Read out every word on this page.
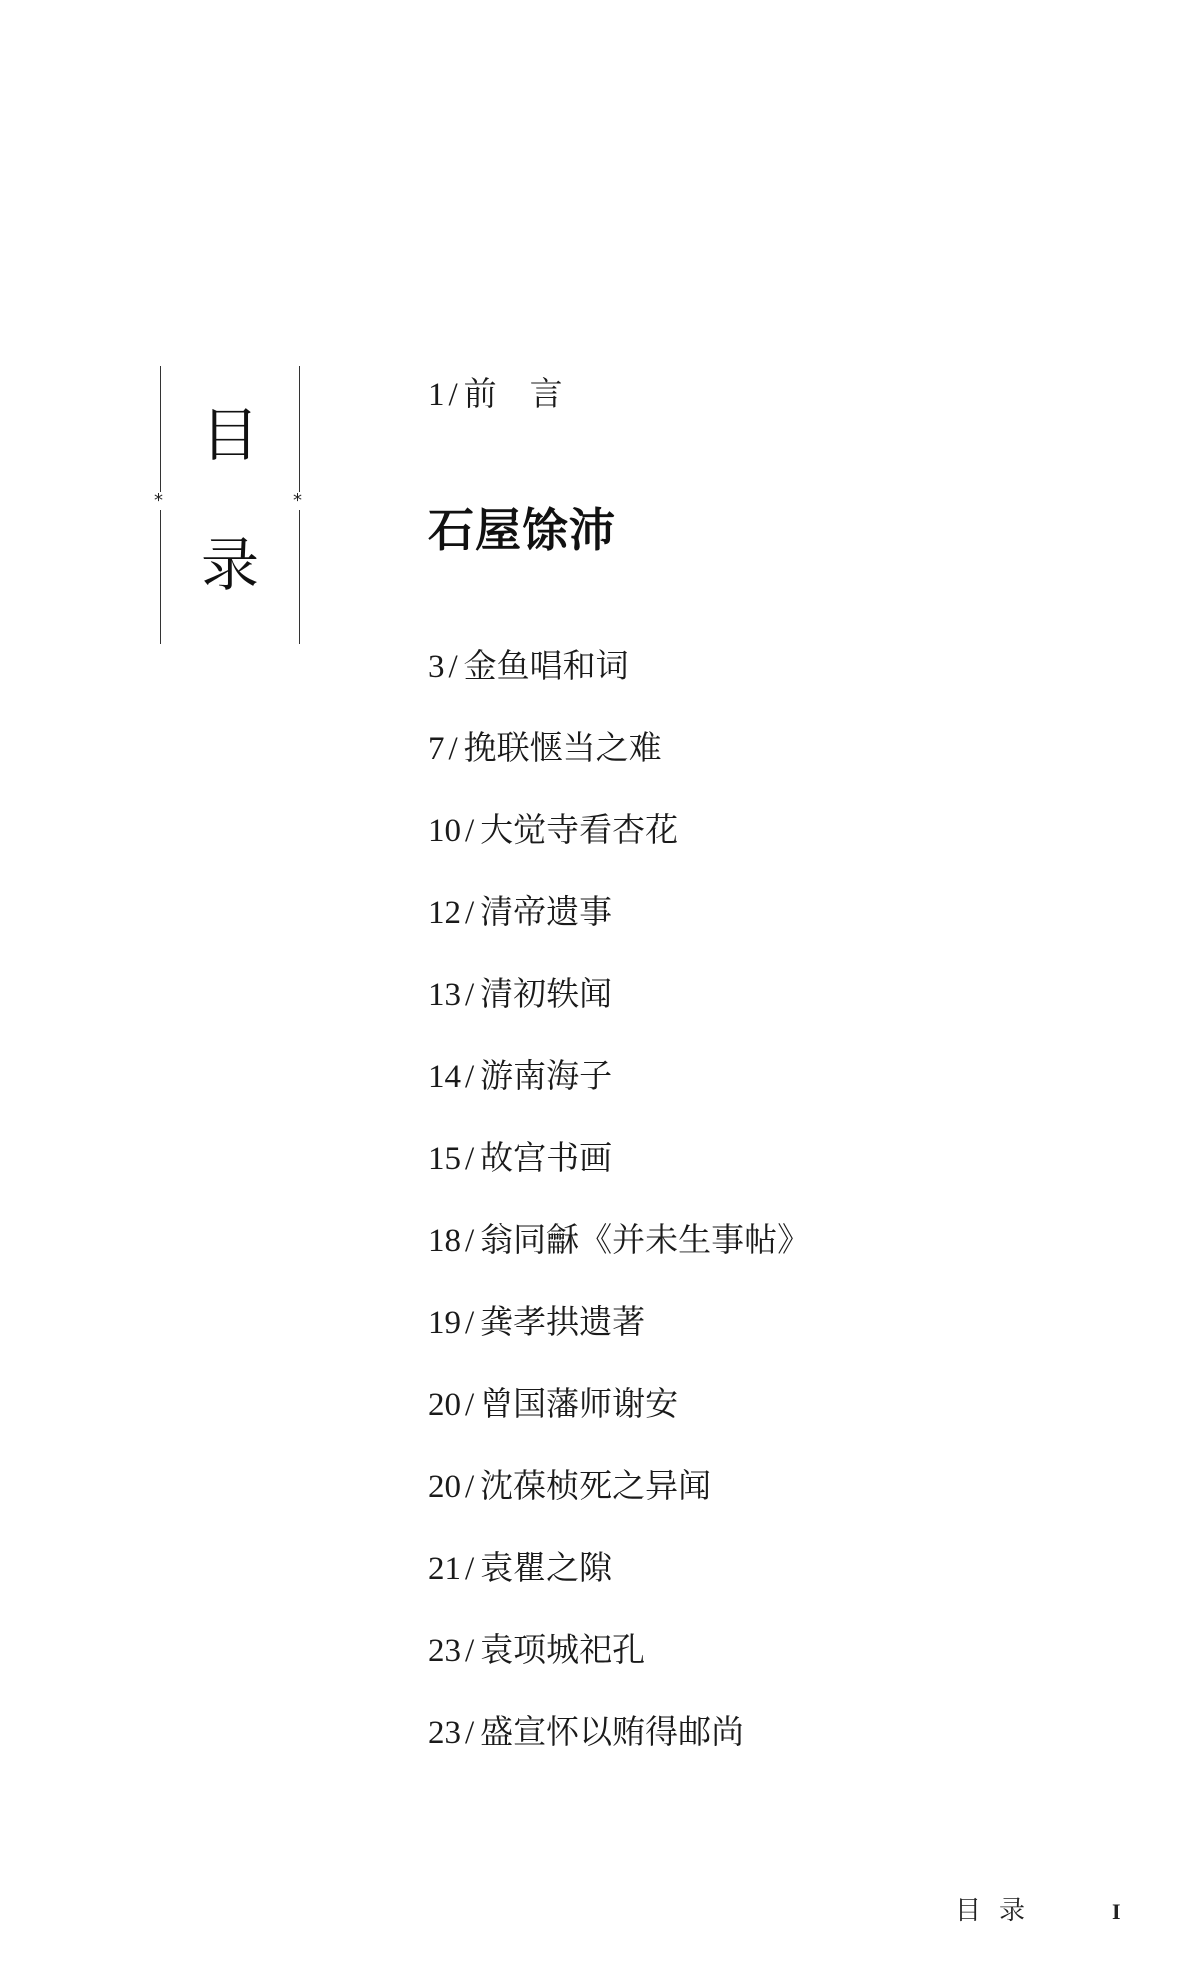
*	*
目
录
1 / 前　言
石屋馀沛
3 / 金鱼唱和词
7 / 挽联惬当之难
10 / 大觉寺看杏花
12 / 清帝遗事
13 / 清初轶闻
14 / 游南海子
15 / 故宫书画
18 / 翁同龢《并未生事帖》
19 / 龚孝拱遗著
20 / 曾国藩师谢安
20 / 沈葆桢死之异闻
21 / 袁瞿之隙
23 / 袁项城祀孔
23 / 盛宣怀以贿得邮尚
目录	I
